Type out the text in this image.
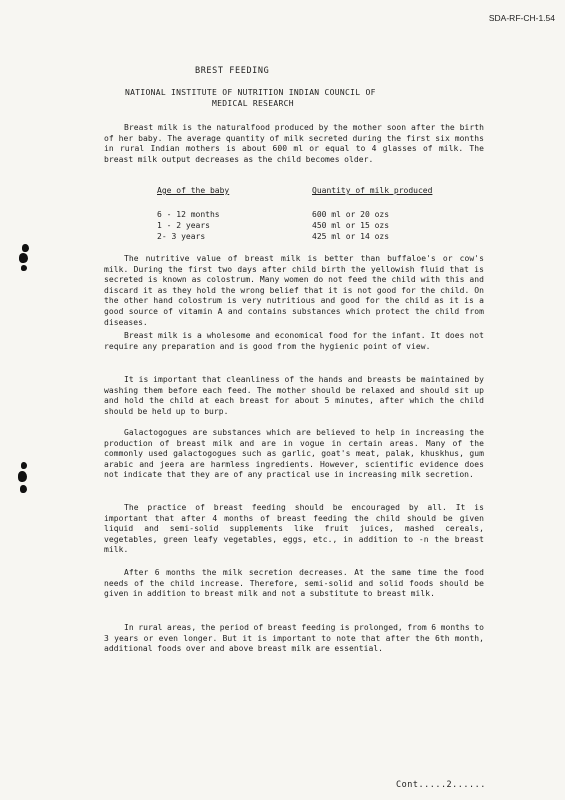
SDA-RF-CH-1.54
BREST FEEDING

NATIONAL INSTITUTE OF NUTRITION INDIAN COUNCIL OF
MEDICAL RESEARCH

Breast milk is the naturalfood produced by the mother soon after the birth of her baby. The average quantity of milk secreted during the first six months in rural Indian mothers is about 600 ml or equal to 4 glasses of milk. The breast milk output decreases as the child becomes older.

Age of the baby	Quantity of milk produced
6 - 12 months	600 ml or 20 ozs
1 - 2 years	450 ml or 15 ozs
2- 3 years	425 ml or 14 ozs

The nutritive value of breast milk is better than buffaloe's or cow's milk. During the first two days after child birth the yellowish fluid that is secreted is known as colostrum. Many women do not feed the child with this and discard it as they hold the wrong belief that it is not good for the child. On the other hand colostrum is very nutritious and good for the child as it is a good source of vitamin A and contains substances which protect the child from diseases.

Breast milk is a wholesome and economical food for the infant. It does not require any preparation and is good from the hygienic point of view.

It is important that cleanliness of the hands and breasts be maintained by washing them before each feed. The mother should be relaxed and should sit up and hold the child at each breast for about 5 minutes, after which the child should be held up to burp.

Galactogogues are substances which are believed to help in increasing the production of breast milk and are in vogue in certain areas. Many of the commonly used galactogogues such as garlic, goat's meat, palak, khuskhus, gum arabic and jeera are harmless ingredients. However, scientific evidence does not indicate that they are of any practical use in increasing milk secretion.

The practice of breast feeding should be encouraged by all. It is important that after 4 months of breast feeding the child should be given liquid and semi-solid supplements like fruit juices, mashed cereals, vegetables, green leafy vegetables, eggs, etc., in addition to -n the breast milk.

After 6 months the milk secretion decreases. At the same time the food needs of the child increase. Therefore, semi-solid and solid foods should be given in addition to breast milk and not a substitute to breast milk.

In rural areas, the period of breast feeding is prolonged, from 6 months to 3 years or even longer. But it is important to note that after the 6th month, additional foods over and above breast milk are essential.

Cont.....2......
